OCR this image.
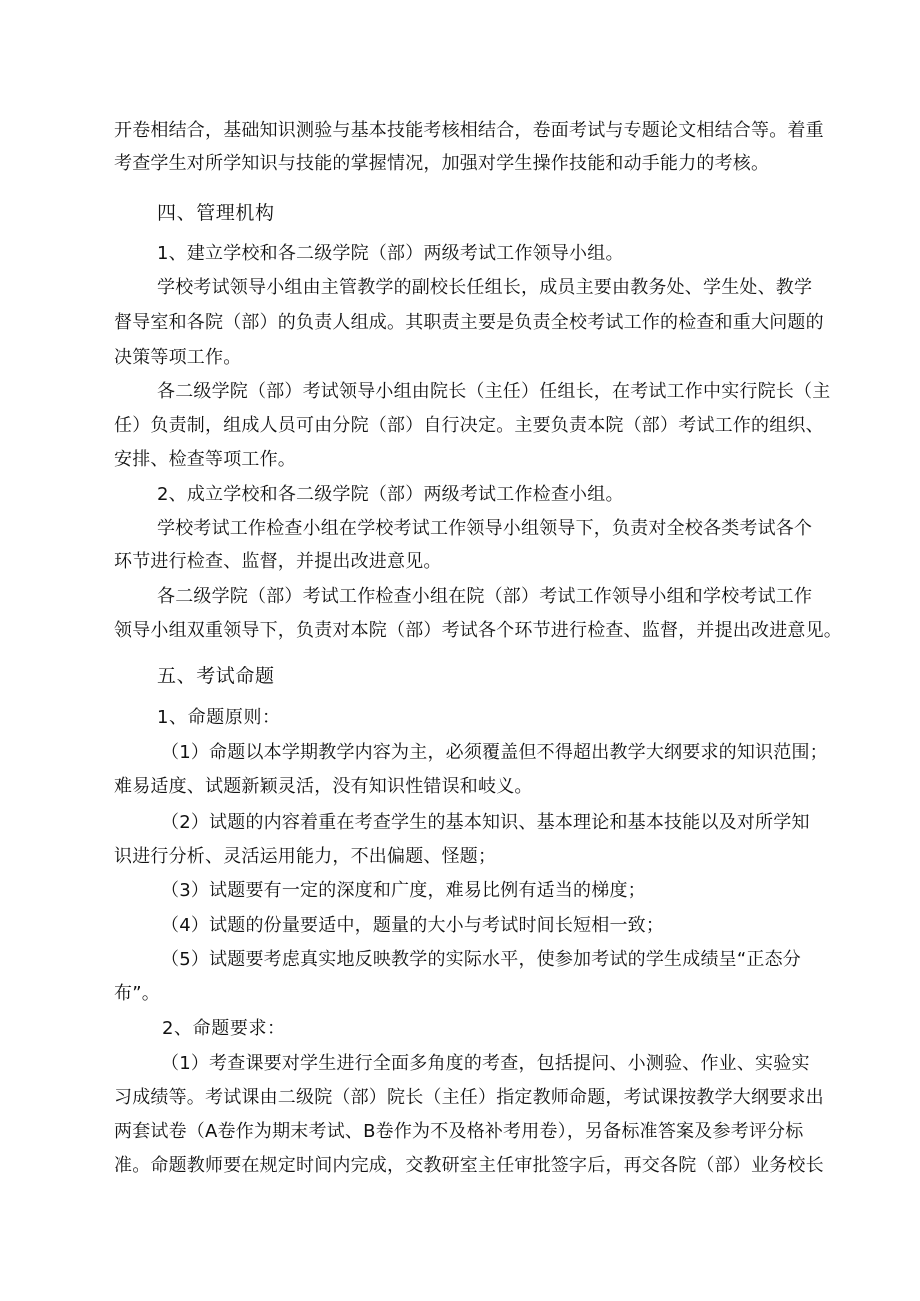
开卷相结合，基础知识测验与基本技能考核相结合，卷面考试与专题论文相结合等。着重
考查学生对所学知识与技能的掌握情况，加强对学生操作技能和动手能力的考核。
四、管理机构
1、建立学校和各二级学院（部）两级考试工作领导小组。
学校考试领导小组由主管教学的副校长任组长，成员主要由教务处、学生处、教学
督导室和各院（部）的负责人组成。其职责主要是负责全校考试工作的检查和重大问题的
决策等项工作。
各二级学院（部）考试领导小组由院长（主任）任组长，在考试工作中实行院长（主
任）负责制，组成人员可由分院（部）自行决定。主要负责本院（部）考试工作的组织、
安排、检查等项工作。
2、成立学校和各二级学院（部）两级考试工作检查小组。
学校考试工作检查小组在学校考试工作领导小组领导下，负责对全校各类考试各个
环节进行检查、监督，并提出改进意见。
各二级学院（部）考试工作检查小组在院（部）考试工作领导小组和学校考试工作
领导小组双重领导下，负责对本院（部）考试各个环节进行检查、监督，并提出改进意见。
五、考试命题
1、命题原则：
（1）命题以本学期教学内容为主，必须覆盖但不得超出教学大纲要求的知识范围；
难易适度、试题新颖灵活，没有知识性错误和岐义。
（2）试题的内容着重在考查学生的基本知识、基本理论和基本技能以及对所学知
识进行分析、灵活运用能力，不出偏题、怪题；
（3）试题要有一定的深度和广度，难易比例有适当的梯度；
（4）试题的份量要适中，题量的大小与考试时间长短相一致；
（5）试题要考虑真实地反映教学的实际水平，使参加考试的学生成绩呈“正态分
布”。
2、命题要求：
（1）考查课要对学生进行全面多角度的考查，包括提问、小测验、作业、实验实
习成绩等。考试课由二级院（部）院长（主任）指定教师命题，考试课按教学大纲要求出
两套试卷（A卷作为期末考试、B卷作为不及格补考用卷），另备标准答案及参考评分标
准。命题教师要在规定时间内完成，交教研室主任审批签字后，再交各院（部）业务校长
